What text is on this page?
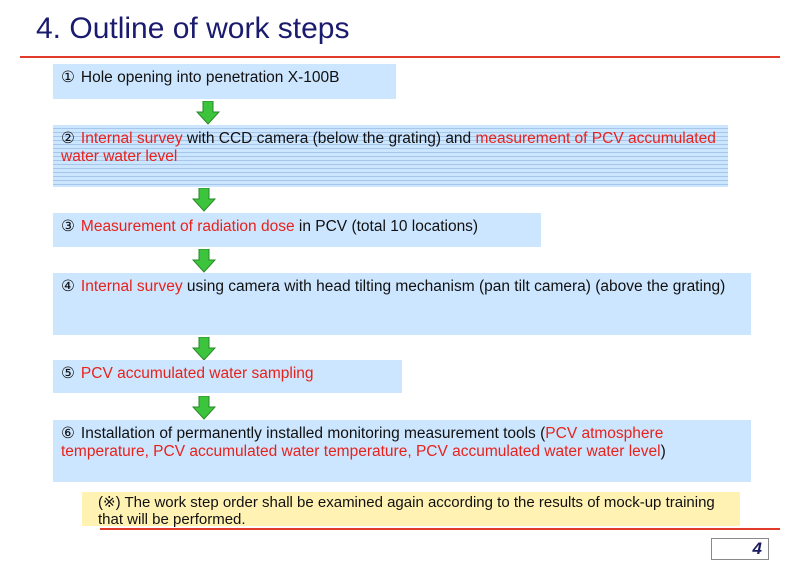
4. Outline of work steps
① Hole opening into penetration X-100B
② Internal survey with CCD camera (below the grating) and measurement of PCV accumulated water water level
③ Measurement of radiation dose in PCV (total 10 locations)
④ Internal survey using camera with head tilting mechanism (pan tilt camera) (above the grating)
⑤ PCV accumulated water sampling
⑥ Installation of permanently installed monitoring measurement tools (PCV atmosphere temperature, PCV accumulated water temperature, PCV accumulated water water level)
(※) The work step order shall be examined again according to the results of mock-up training that will be performed.
4
